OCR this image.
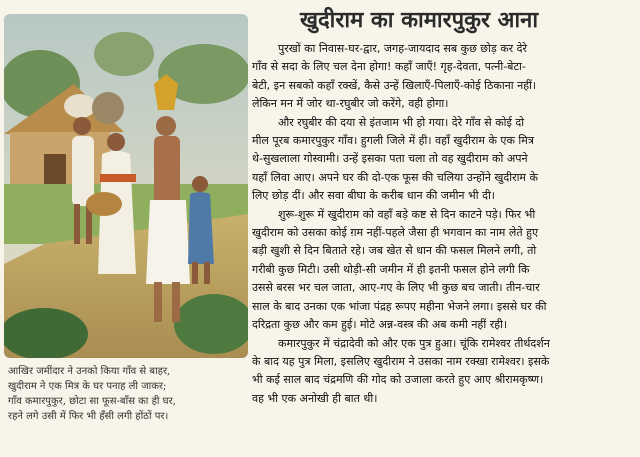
खुदीराम का कामारपुकुर आना
आखिर जमींदार ने उनको किया गाँव से बाहर,
खुदीराम ने एक मित्र के घर पनाह ली जाकर;
गाँव कमारपुकुर, छोटा सा फूस-बाँस का ही घर,
रहने लगे उसी में फिर भी हँसी लगी होंठों पर।

पुरखों का निवास-घर-द्वार, जगह-जायदाद सब कुछ छोड़ कर देरे
गाँव से सदा के लिए चल देना होगा! कहाँ जाएँ! गृह-देवता, पत्नी-बेटा-
बेटी, इन सबको कहाँ रक्खें, कैसे उन्हें खिलाएँ-पिलाएँ-कोई ठिकाना नहीं।
लेकिन मन में जोर था-रघुबीर जो करेंगे, वही होगा।

और रघुबीर की दया से इंतजाम भी हो गया। देरे गाँव से कोई दो
मील पूरब कमारपुकुर गाँव। हुगली जिले में ही। वहाँ खुदीराम के एक मित्र
थे-सुखलाला गोस्वामी। उन्हें इसका पता चला तो वह खुदीराम को अपने
यहाँ लिवा आए। अपने घर की दो-एक फूस की चलिया उन्होंने खुदीराम के
लिए छोड़ दीं। और सवा बीघा के करीब धान की जमीन भी दी।

शुरू-शुरू में खुदीराम को वहाँ बड़े कष्ट से दिन काटने पड़े। फिर भी
खुदीराम को उसका कोई ग़म नहीं-पहले जैसा ही भगवान का नाम लेते हुए
बड़ी खुशी से दिन बिताते रहे। जब खेत से धान की फसल मिलने लगी, तो
गरीबी कुछ मिटी। उसी थोड़ी-सी जमीन में ही इतनी फसल होने लगी कि
उससे बरस भर चल जाता, आए-गए के लिए भी कुछ बच जाती। तीन-चार
साल के बाद उनका एक भांजा पंद्रह रूपए महीना भेजने लगा। इससे घर की
दरिद्रता कुछ और कम हुई। मोटे अन्न-वस्त्र की अब कमी नहीं रही।

कमारपुकुर में चंद्रादेवी को और एक पुत्र हुआ। चूंकि रामेश्वर तीर्थदर्शन
के बाद यह पुत्र मिला, इसलिए खुदीराम ने उसका नाम रक्खा रामेश्वर। इसके
भी कई साल बाद चंद्रमणि की गोद को उजाला करते हुए आए श्रीरामकृष्ण।
वह भी एक अनोखी ही बात थी।
